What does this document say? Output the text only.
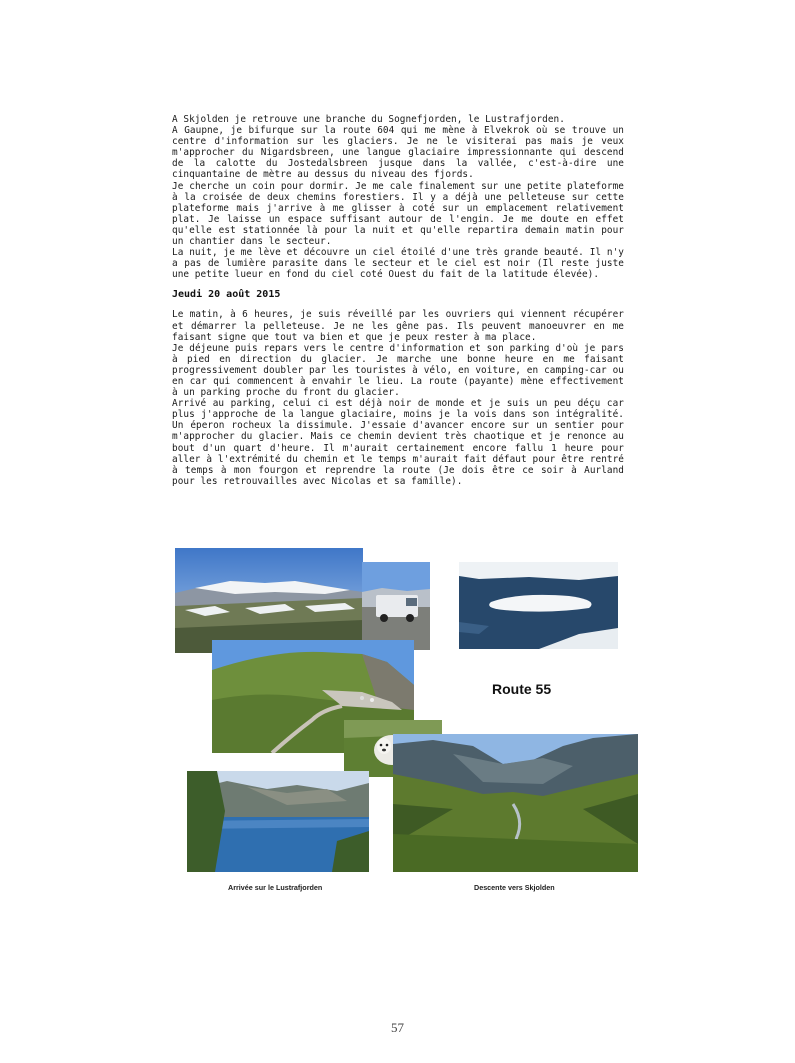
A Skjolden je retrouve une branche du Sognefjorden, le Lustrafjorden.

A Gaupne, je bifurque sur la route 604 qui me mène à Elvekrok où se trouve un centre d'information sur les glaciers. Je ne le visiterai pas mais je veux m'approcher du Nigardsbreen, une langue glaciaire impressionnante qui descend de la calotte du Jostedalsbreen jusque dans la vallée, c'est-à-dire une cinquantaine de mètre au dessus du niveau des fjords.

Je cherche un coin pour dormir. Je me cale finalement sur une petite plateforme à la croisée de deux chemins forestiers. Il y a déjà une pelleteuse sur cette plateforme mais j'arrive à me glisser à coté sur un emplacement relativement plat. Je laisse un espace suffisant autour de l'engin. Je me doute en effet qu'elle est stationnée là pour la nuit et qu'elle repartira demain matin pour un chantier dans le secteur.

La nuit, je me lève et découvre un ciel étoilé d'une très grande beauté. Il n'y a pas de lumière parasite dans le secteur et le ciel est noir (Il reste juste une petite lueur en fond du ciel coté Ouest du fait de la latitude élevée).

Jeudi 20 août 2015

Le matin, à 6 heures, je suis réveillé par les ouvriers qui viennent récupérer et démarrer la pelleteuse. Je ne les gêne pas. Ils peuvent manoeuvrer en me faisant signe que tout va bien et que je peux rester à ma place.

Je déjeune puis repars vers le centre d'information et son parking d'où je pars à pied en direction du glacier. Je marche une bonne heure en me faisant progressivement doubler par les touristes à vélo, en voiture, en camping-car ou en car qui commencent à envahir le lieu. La route (payante) mène effectivement à un parking proche du front du glacier.

Arrivé au parking, celui ci est déjà noir de monde et je suis un peu déçu car plus j'approche de la langue glaciaire, moins je la vois dans son intégralité. Un éperon rocheux la dissimule. J'essaie d'avancer encore sur un sentier pour m'approcher du glacier. Mais ce chemin devient très chaotique et je renonce au bout d'un quart d'heure. Il m'aurait certainement encore fallu 1 heure pour aller à l'extrémité du chemin et le temps m'aurait fait défaut pour être rentré à temps à mon fourgon et reprendre la route (Je dois être ce soir à Aurland pour les retrouvailles avec Nicolas et sa famille).

Route 55
Arrivée sur le Lustrafjorden	Descente vers Skjolden
57
